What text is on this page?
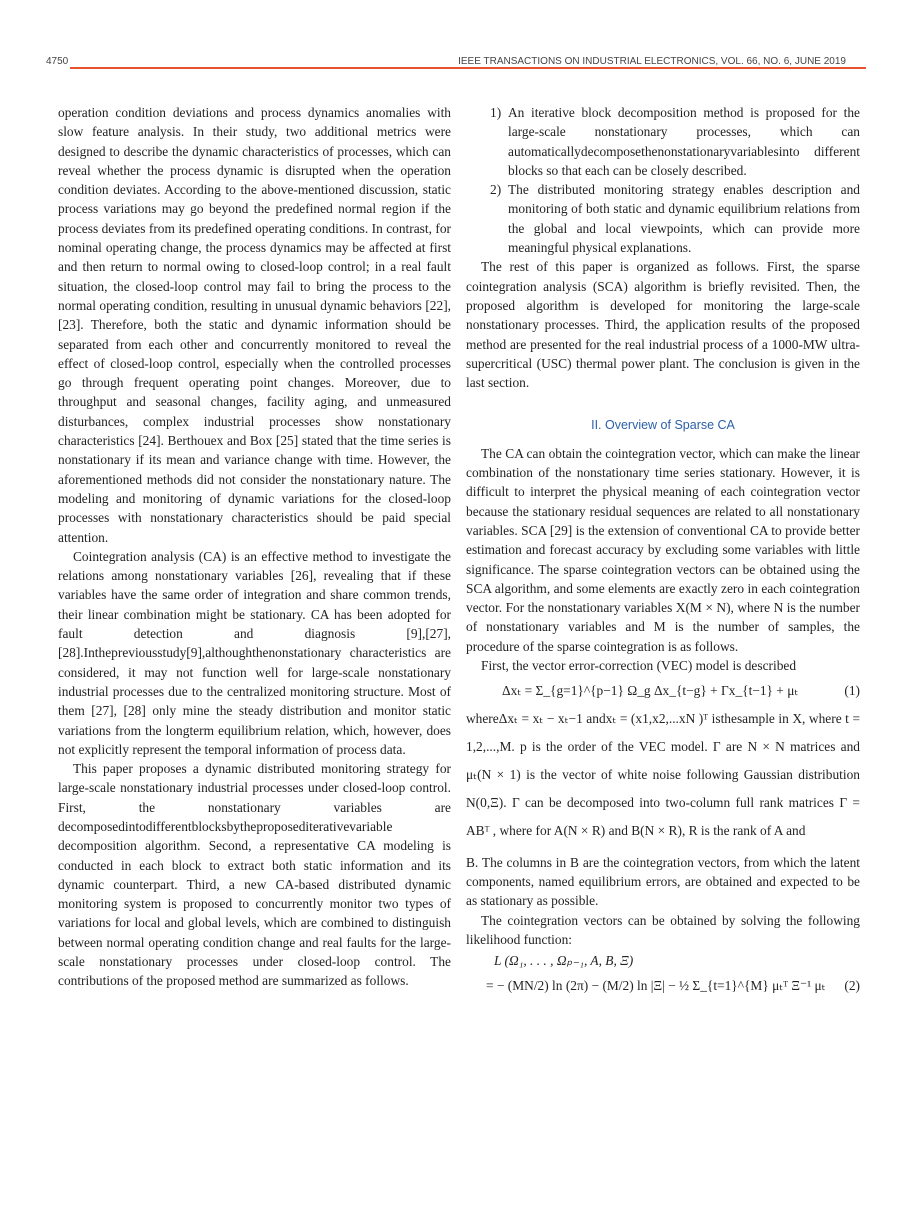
4750	IEEE TRANSACTIONS ON INDUSTRIAL ELECTRONICS, VOL. 66, NO. 6, JUNE 2019

operation condition deviations and process dynamics anomalies with slow feature analysis. In their study, two additional metrics were designed to describe the dynamic characteristics of processes, which can reveal whether the process dynamic is disrupted when the operation condition deviates. According to the above-mentioned discussion, static process variations may go beyond the predefined normal region if the process deviates from its predefined operating conditions. In contrast, for nominal operating change, the process dynamics may be affected at first and then return to normal owing to closed-loop control; in a real fault situation, the closed-loop control may fail to bring the process to the normal operating condition, resulting in unusual dynamic behaviors [22], [23]. Therefore, both the static and dynamic information should be separated from each other and concurrently monitored to reveal the effect of closed-loop control, especially when the controlled processes go through frequent operating point changes. Moreover, due to throughput and seasonal changes, facility aging, and unmeasured disturbances, complex industrial processes show nonstationary characteristics [24]. Berthouex and Box [25] stated that the time series is nonstationary if its mean and variance change with time. However, the aforementioned methods did not consider the nonstationary nature. The modeling and monitoring of dynamic variations for the closed-loop processes with nonstationary characteristics should be paid special attention.

Cointegration analysis (CA) is an effective method to investigate the relations among nonstationary variables [26], revealing that if these variables have the same order of integration and share common trends, their linear combination might be stationary. CA has been adopted for fault detection and diagnosis [9],[27],[28].Inthepreviousstudy[9],althoughthenonstationary characteristics are considered, it may not function well for large-scale nonstationary industrial processes due to the centralized monitoring structure. Most of them [27], [28] only mine the steady distribution and monitor static variations from the longterm equilibrium relation, which, however, does not explicitly represent the temporal information of process data.

This paper proposes a dynamic distributed monitoring strategy for large-scale nonstationary industrial processes under closed-loop control. First, the nonstationary variables are decomposedintodifferentblocksbytheproposediterativevariable decomposition algorithm. Second, a representative CA modeling is conducted in each block to extract both static information and its dynamic counterpart. Third, a new CA-based distributed dynamic monitoring system is proposed to concurrently monitor two types of variations for local and global levels, which are combined to distinguish between normal operating condition change and real faults for the large-scale nonstationary processes under closed-loop control. The contributions of the proposed method are summarized as follows.

1) An iterative block decomposition method is proposed for the large-scale nonstationary processes, which can automaticallydecomposethenonstationaryvariablesinto different blocks so that each can be closely described.
2) The distributed monitoring strategy enables description and monitoring of both static and dynamic equilibrium relations from the global and local viewpoints, which can provide more meaningful physical explanations.

The rest of this paper is organized as follows. First, the sparse cointegration analysis (SCA) algorithm is briefly revisited. Then, the proposed algorithm is developed for monitoring the large-scale nonstationary processes. Third, the application results of the proposed method are presented for the real industrial process of a 1000-MW ultra-supercritical (USC) thermal power plant. The conclusion is given in the last section.

II. Overview of Sparse CA

The CA can obtain the cointegration vector, which can make the linear combination of the nonstationary time series stationary. However, it is difficult to interpret the physical meaning of each cointegration vector because the stationary residual sequences are related to all nonstationary variables. SCA [29] is the extension of conventional CA to provide better estimation and forecast accuracy by excluding some variables with little significance. The sparse cointegration vectors can be obtained using the SCA algorithm, and some elements are exactly zero in each cointegration vector. For the nonstationary variables X(M × N), where N is the number of nonstationary variables and M is the number of samples, the procedure of the sparse cointegration is as follows.

First, the vector error-correction (VEC) model is described

Δxₜ = Σ_{g=1}^{p−1} Ω_g Δx_{t−g} + Γx_{t−1} + μₜ	(1)

whereΔxₜ = xₜ − xₜ−1 andxₜ = (x1,x2,...xN )ᵀ isthesample in X, where t = 1,2,...,M. p is the order of the VEC model. Γ are N × N matrices and μₜ(N × 1) is the vector of white noise following Gaussian distribution N(0,Ξ). Γ can be decomposed into two-column full rank matrices Γ = ABᵀ , where for A(N × R) and B(N × R), R is the rank of A and

B. The columns in B are the cointegration vectors, from which the latent components, named equilibrium errors, are obtained and expected to be as stationary as possible.

The cointegration vectors can be obtained by solving the following likelihood function:

L (Ω₁, . . . , Ωₚ₋₁, A, B, Ξ)
= − (MN/2) ln (2π) − (M/2) ln |Ξ| − ½ Σ_{t=1}^{M} μₜᵀ Ξ⁻¹ μₜ	(2)
